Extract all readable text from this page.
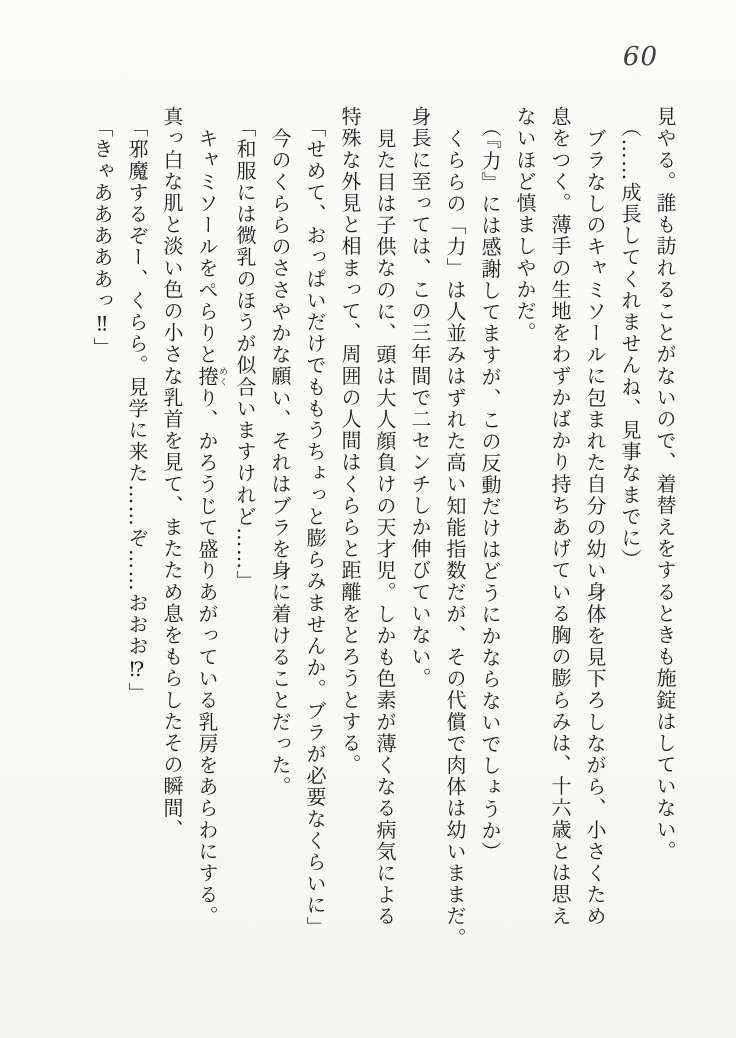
60

見やる。誰も訪れることがないので、着替えをするときも施錠はしていない。

（……成長してくれませんね、見事なまでに）

ブラなしのキャミソールに包まれた自分の幼い身体を見下ろしながら、小さくため

息をつく。薄手の生地をわずかばかり持ちあげている胸の膨らみは、十六歳とは思え

ないほど慎ましやかだ。

（『力』には感謝してますが、この反動だけはどうにかならないでしょうか）

くららの「力」は人並みはずれた高い知能指数だが、その代償で肉体は幼いままだ。

身長に至っては、この三年間で二センチしか伸びていない。

見た目は子供なのに、頭は大人顔負けの天才児。しかも色素が薄くなる病気による

特殊な外見と相まって、周囲の人間はくららと距離をとろうとする。

「せめて、おっぱいだけでももうちょっと膨らみませんか。ブラが必要なくらいに」

今のくららのささやかな願い、それはブラを身に着けることだった。

「和服には微乳のほうが似合いますけれど……」

キャミソールをぺらりと捲めくり、かろうじて盛りあがっている乳房をあらわにする。

真っ白な肌と淡い色の小さな乳首を見て、またため息をもらしたその瞬間、

「邪魔するぞー、くらら。見学に来た……ぞ……おおお⁉」

「きゃあああああっ‼」
